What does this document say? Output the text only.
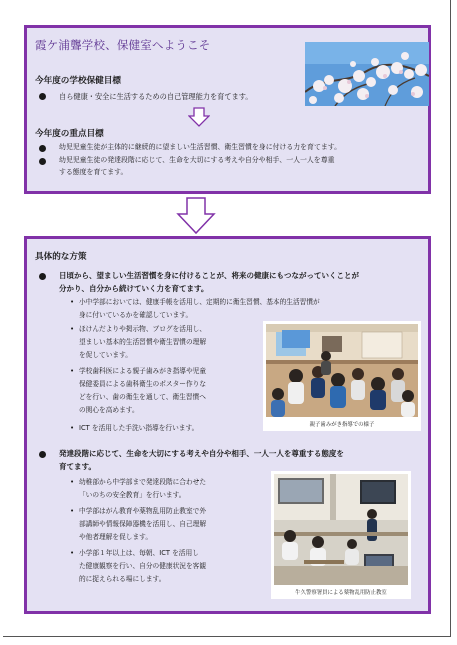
霞ケ浦聾学校、保健室へようこそ
今年度の学校保健目標
自ら健康・安全に生活するための自己管理能力を育てます。
今年度の重点目標
幼児児童生徒が主体的に継続的に望ましい生活習慣、衛生習慣を身に付ける力を育てます。
幼児児童生徒の発達段階に応じて、生命を大切にする考えや自分や相手、一人一人を尊重
する態度を育てます。
具体的な方策
日頃から、望ましい生活習慣を身に付けることが、将来の健康にもつながっていくことが
分かり、自分から続けていく力を育てます。
• 小中学部においては、健康手帳を活用し、定期的に衛生習慣、基本的生活習慣が
身に付いているかを確認しています。
• ほけんだよりや掲示物、ブログを活用し、
望ましい基本的生活習慣や衛生習慣の理解
を促しています。
• 学校歯科医による親子歯みがき指導や児童
保健委員による歯科衛生のポスター作りな
どを行い、歯の衛生を通して、衛生習慣へ
の関心を高めます。
• ICT を活用した手洗い指導を行います。	親子歯みがき指導での様子
発達段階に応じて、生命を大切にする考えや自分や相手、一人一人を尊重する態度を
育てます。
• 幼稚部から中学部まで発達段階に合わせた
「いのちの安全教育」を行います。
• 中学部はがん教育や薬物乱用防止教室で外
部講師や情報保障器機を活用し、自己理解
や他者理解を促します。
• 小学部１年以上は、毎朝、ICT を活用し
た健康観察を行い、自分の健康状況を客観
的に捉えられる場にします。
牛久警察署員による薬物乱用防止教室
